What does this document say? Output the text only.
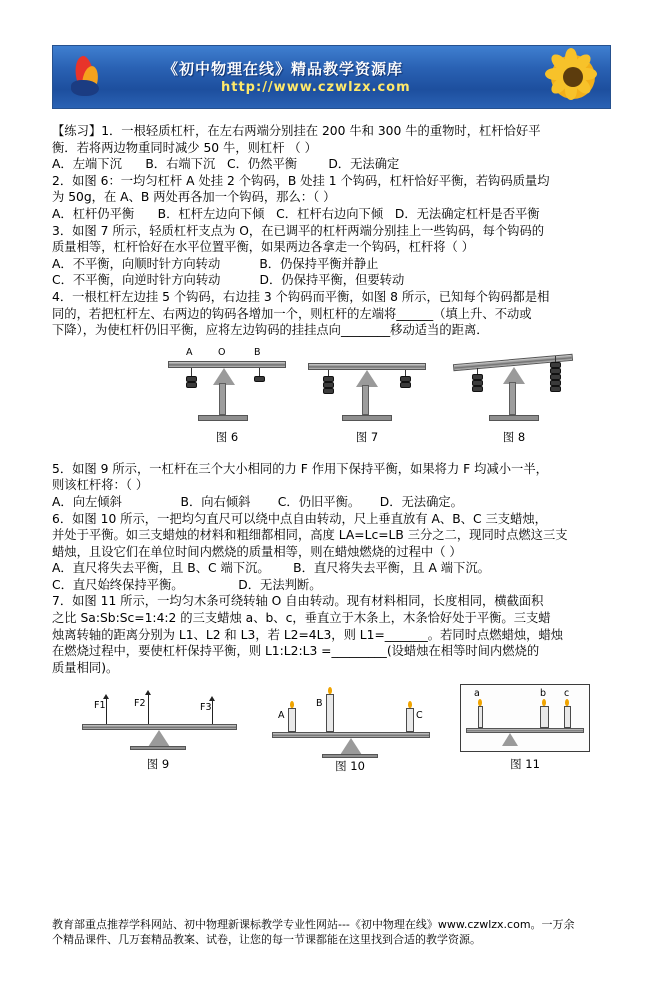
《初中物理在线》精品教学资源库
http://www.czwlzx.com
【练习】1．一根轻质杠杆，在左右两端分别挂在 200 牛和 300 牛的重物时，杠杆恰好平
衡．若将两边物重同时减少 50 牛，则杠杆 （ ）
A．左端下沉      B．右端下沉   C．仍然平衡        D．无法确定
2．如图 6：一均匀杠杆 A 处挂 2 个钩码，B 处挂 1 个钩码，杠杆恰好平衡，若钩码质量均
为 50g，在 A、B 两处再各加一个钩码，那么：（ ）
A．杠杆仍平衡      B．杠杆左边向下倾   C．杠杆右边向下倾   D．无法确定杠杆是否平衡
3．如图 7 所示，轻质杠杆支点为 O，在已调平的杠杆两端分别挂上一些钩码，每个钩码的
质量相等，杠杆恰好在水平位置平衡，如果两边各拿走一个钩码，杠杆将（ ）
A．不平衡，向顺时针方向转动          B．仍保持平衡并静止
C．不平衡，向逆时针方向转动          D．仍保持平衡，但要转动
4．一根杠杆左边挂 5 个钩码，右边挂 3 个钩码而平衡，如图 8 所示，已知每个钩码都是相
同的，若把杠杆左、右两边的钩码各增加一个，则杠杆的左端将______（填上升、不动或
下降），为使杠杆仍旧平衡，应将左边钩码的挂挂点向________移动适当的距离．
A	O	B
图 6	图 7	图 8
5．如图 9 所示，一杠杆在三个大小相同的力 F 作用下保持平衡，如果将力 F 均减小一半，
则该杠杆将：（ ）
A．向左倾斜               B．向右倾斜       C．仍旧平衡。     D．无法确定。
6．如图 10 所示，一把均匀直尺可以绕中点自由转动，尺上垂直放有 A、B、C 三支蜡烛，
并处于平衡。如三支蜡烛的材料和粗细都相同，高度 LA=Lc=LB 三分之二，现同时点燃这三支
蜡烛，且设它们在单位时间内燃烧的质量相等，则在蜡烛燃烧的过程中（ ）
A．直尺将失去平衡，且 B、C 端下沉。      B．直尺将失去平衡，且 A 端下沉。
C．直尺始终保持平衡。              D．无法判断。
7．如图 11 所示，一均匀木条可绕转轴 O 自由转动。现有材料相同，长度相同，横截面积
之比 Sa:Sb:Sc=1:4:2 的三支蜡烛 a、b、c，垂直立于木条上，木条恰好处于平衡。三支蜡
烛离转轴的距离分别为 L1、L2 和 L3，若 L2=4L3，则 L1=_______。若同时点燃蜡烛，蜡烛
在燃烧过程中，要使杠杆保持平衡，则 L1:L2:L3 =_________(设蜡烛在相等时间内燃烧的
质量相同)。
F1	F2	F3
图 9
A
B
C
图 10
a	b c
图 11
教育部重点推荐学科网站、初中物理新课标教学专业性网站---《初中物理在线》www.czwlzx.com。一万余
个精品课件、几万套精品教案、试卷，让您的每一节课都能在这里找到合适的教学资源。
